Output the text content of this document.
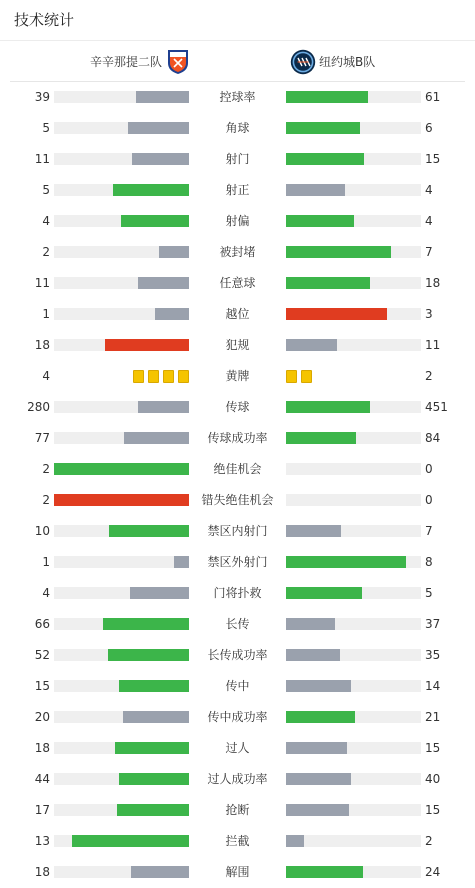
技术统计
辛辛那提二队	纽约城B队
39	控球率	61
5	角球	6
11	射门	15
5	射正	4
4	射偏	4
2	被封堵	7
11	任意球	18
1	越位	3
18	犯规	11
4	黄牌	2
280	传球	451
77	传球成功率	84
2	绝佳机会	0
2	错失绝佳机会	0
10	禁区内射门	7
1	禁区外射门	8
4	门将扑救	5
66	长传	37
52	长传成功率	35
15	传中	14
20	传中成功率	21
18	过人	15
44	过人成功率	40
17	抢断	15
13	拦截	2
18	解围	24
